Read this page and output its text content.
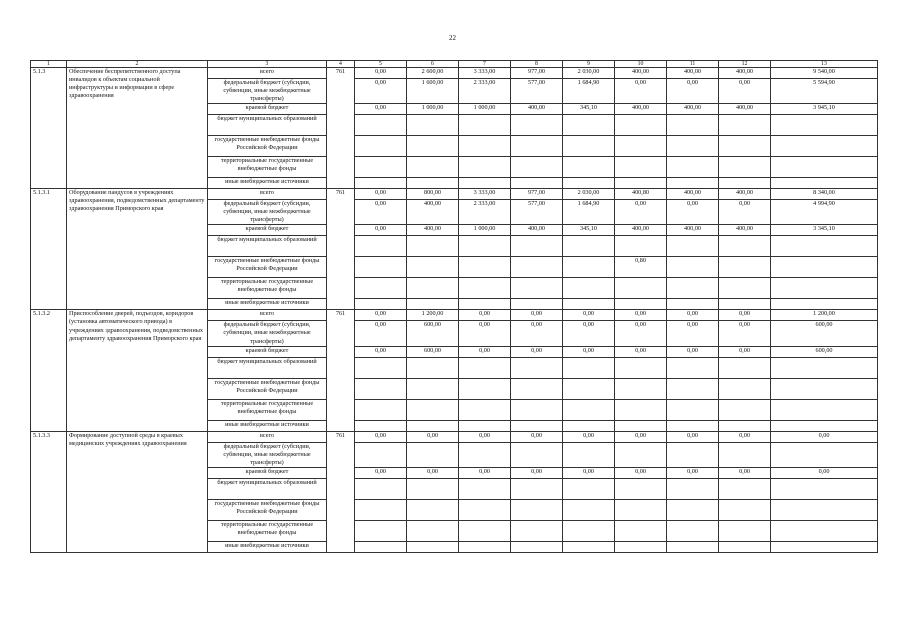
22
1	2	3	4	5	6	7	8	9	10	11	12	13
5.1.3	Обеспечение беспрепятственного доступа инвалидов к объектам социальной инфраструктуры и информации в сфере здравоохранения	всего	761	0,00	2 600,00	3 333,00	977,00	2 030,00	400,00	400,00	400,00	9 540,00
		федеральный бюджет (субсидии, субвенции, иные межбюджетные трансферты)		0,00	1 600,00	2 333,00	577,00	1 684,90	0,00	0,00	0,00	5 594,90
		краевой бюджет		0,00	1 000,00	1 000,00	400,00	345,10	400,00	400,00	400,00	3 945,10
		бюджет муниципальных образований										
		государственные внебюджетные фонды Российской Федерации										
		территориальные государственные внебюджетные фонды										
		иные внебюджетные источники										
5.1.3.1	Оборудование пандусов в учреждениях здравоохранения, подведомственных департаменту здравоохранения Приморского края	всего	761	0,00	800,00	3 333,00	977,00	2 030,00	400,80	400,00	400,00	8 340,00
		федеральный бюджет (субсидии, субвенции, иные межбюджетные трансферты)		0,00	400,00	2 333,00	577,00	1 684,90	0,00	0,00	0,00	4 994,90
		краевой бюджет		0,00	400,00	1 000,00	400,00	345,10	400,00	400,00	400,00	3 345,10
		бюджет муниципальных образований										
		государственные внебюджетные фонды Российской Федерации							0,80			
		территориальные государственные внебюджетные фонды										
		иные внебюджетные источники										
5.1.3.2	Приспособление дверей, подъездов, коридоров (установка автоматического привода) в учреждениях здравоохранения, подведомственных департаменту здравоохранения Приморского края	всего	761	0,00	1 200,00	0,00	0,00	0,00	0,00	0,00	0,00	1 200,00
		федеральный бюджет (субсидии, субвенции, иные межбюджетные трансферты)		0,00	600,00	0,00	0,00	0,00	0,00	0,00	0,00	600,00
		краевой бюджет		0,00	600,00	0,00	0,00	0,00	0,00	0,00	0,00	600,00
		бюджет муниципальных образований										
		государственные внебюджетные фонды Российской Федерации										
		территориальные государственные внебюджетные фонды										
		иные внебюджетные источники										
5.1.3.3	Формирование доступной среды в краевых медицинских учреждениях здравоохранения	всего	761	0,00	0,00	0,00	0,00	0,00	0,00	0,00	0,00	0,00
		федеральный бюджет (субсидии, субвенции, иные межбюджетные трансферты)										
		краевой бюджет		0,00	0,00	0,00	0,00	0,00	0,00	0,00	0,00	0,00
		бюджет муниципальных образований										
		государственные внебюджетные фонды Российской Федерации										
		территориальные государственные внебюджетные фонды										
		иные внебюджетные источники										
